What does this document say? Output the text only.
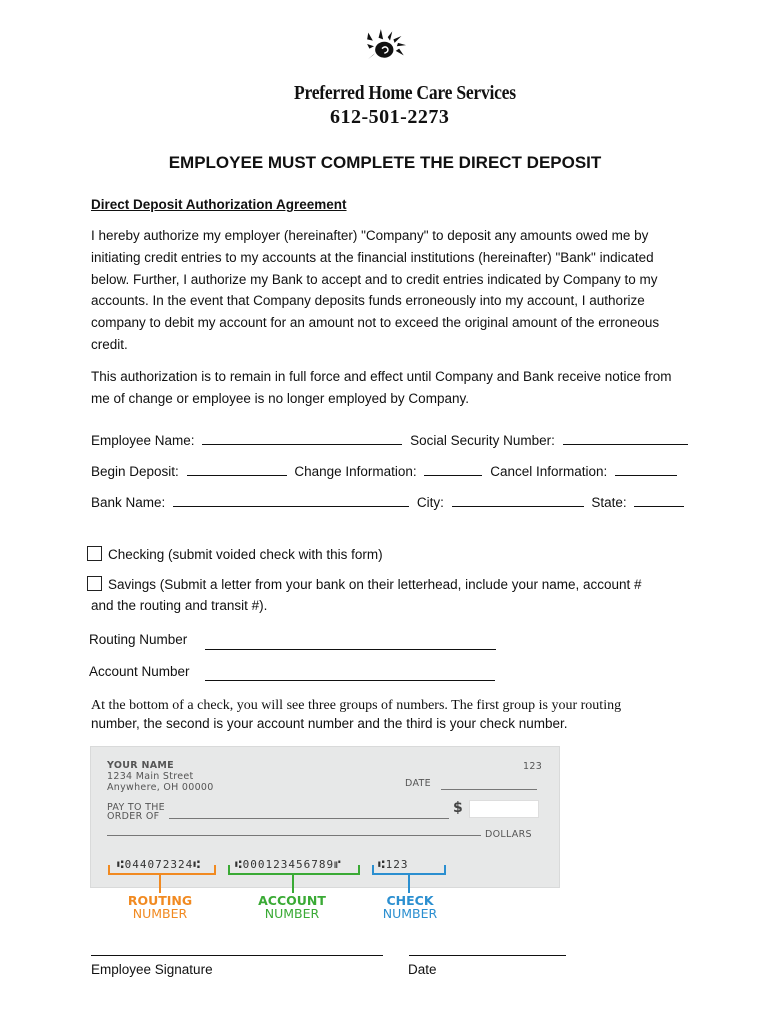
Preferred Home Care Services
612-501-2273
EMPLOYEE MUST COMPLETE THE DIRECT DEPOSIT
Direct Deposit Authorization Agreement
I hereby authorize my employer (hereinafter) "Company" to deposit any amounts owed me by initiating credit entries to my accounts at the financial institutions (hereinafter) "Bank" indicated below. Further, I authorize my Bank to accept and to credit entries indicated by Company to my accounts. In the event that Company deposits funds erroneously into my account, I authorize company to debit my account for an amount not to exceed the original amount of the erroneous credit.
This authorization is to remain in full force and effect until Company and Bank receive notice from me of change or employee is no longer employed by Company.
Employee Name:	Social Security Number:
Begin Deposit:	Change Information:	Cancel Information:
Bank Name:	City:	State:
Checking (submit voided check with this form)
Savings (Submit a letter from your bank on their letterhead, include your name, account #
and the routing and transit #).
Routing Number
Account Number
At the bottom of a check, you will see three groups of numbers. The first group is your routing
number, the second is your account number and the third is your check number.
YOUR NAME
1234 Main Street
Anywhere, OH 00000
123
DATE
PAY TO THE
ORDER OF
$
DOLLARS
⑆044072324⑆	⑆000123456789⑈	⑆123
ROUTING
NUMBER
ACCOUNT
NUMBER
CHECK
NUMBER
Employee Signature	Date
